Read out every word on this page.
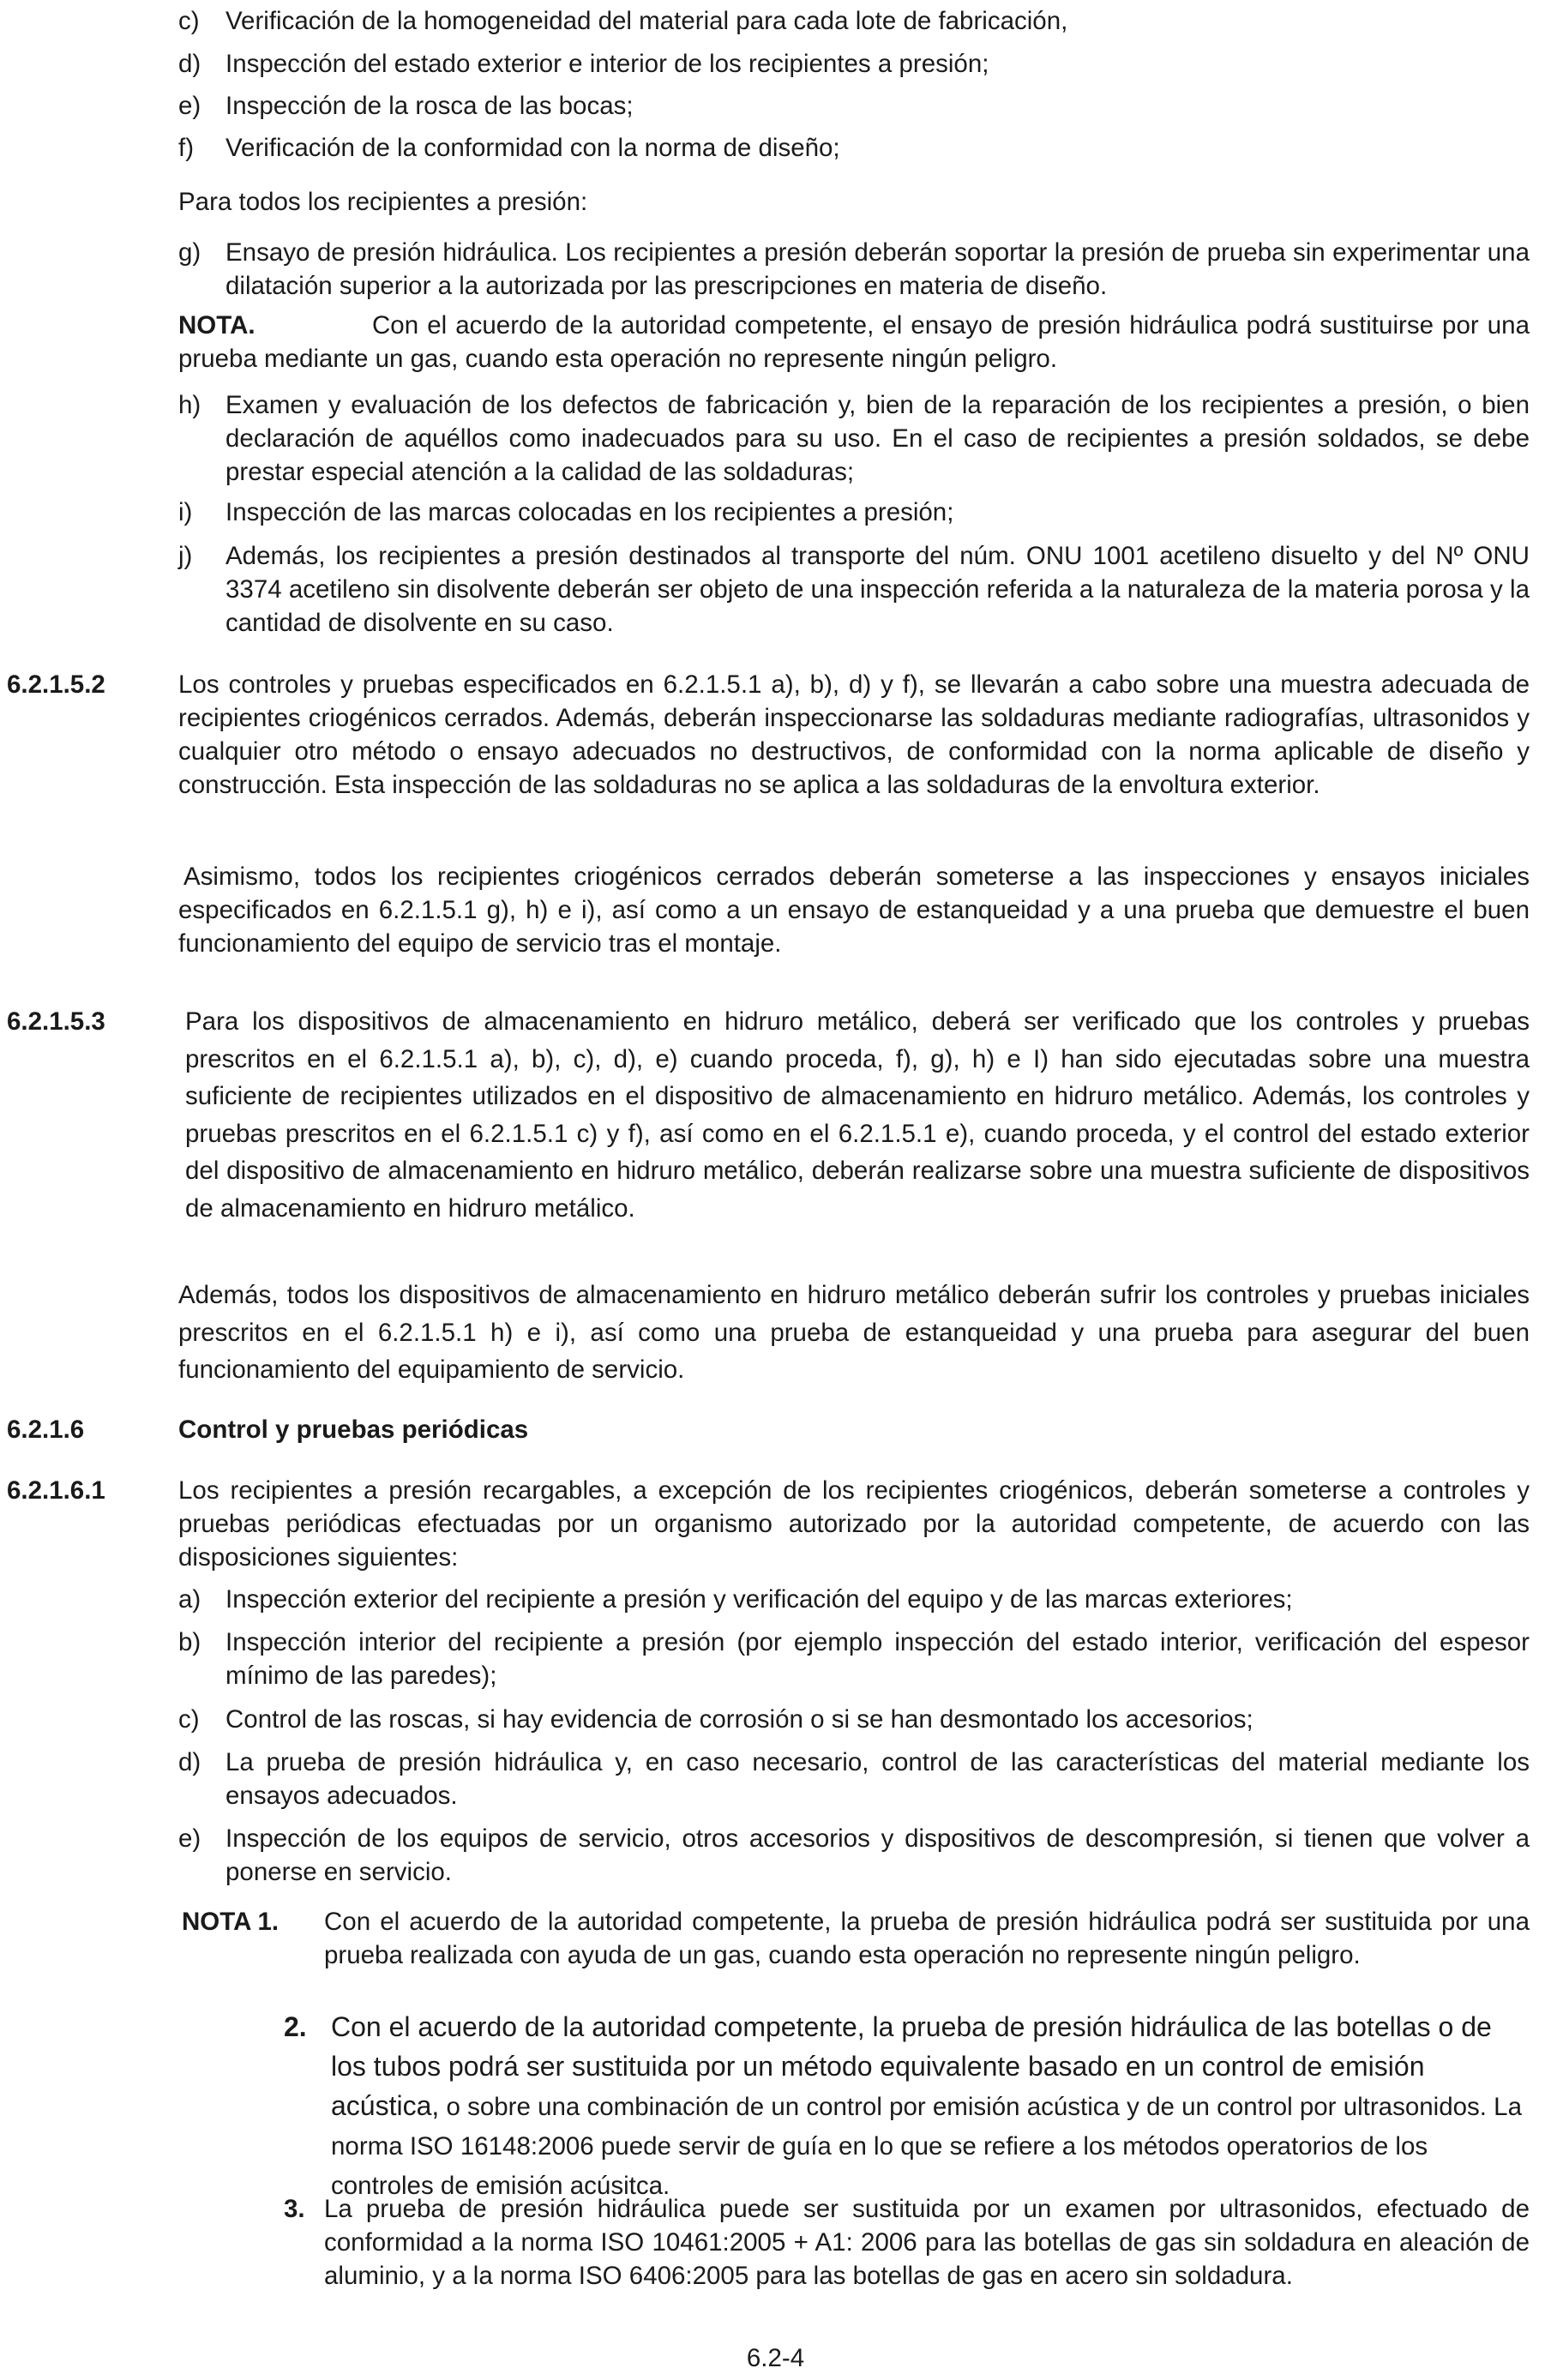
c) Verificación de la homogeneidad del material para cada lote de fabricación,
d) Inspección del estado exterior e interior de los recipientes a presión;
e) Inspección de la rosca de las bocas;
f) Verificación de la conformidad con la norma de diseño;
Para todos los recipientes a presión:
g) Ensayo de presión hidráulica. Los recipientes a presión deberán soportar la presión de prueba sin experimentar una dilatación superior a la autorizada por las prescripciones en materia de diseño.
Con el acuerdo de la autoridad competente, el ensayo de presión hidráulica podrá sustituirse por una prueba mediante un gas, cuando esta operación no represente ningún peligro.
NOTA.
h) Examen y evaluación de los defectos de fabricación y, bien de la reparación de los recipientes a presión, o bien declaración de aquéllos como inadecuados para su uso. En el caso de recipientes a presión soldados, se debe prestar especial atención a la calidad de las soldaduras;
i) Inspección de las marcas colocadas en los recipientes a presión;
j) Además, los recipientes a presión destinados al transporte del núm. ONU 1001 acetileno disuelto y del Nº ONU 3374 acetileno sin disolvente deberán ser objeto de una inspección referida a la naturaleza de la materia porosa y la cantidad de disolvente en su caso.
6.2.1.5.2	Los controles y pruebas especificados en 6.2.1.5.1 a), b), d) y f), se llevarán a cabo sobre una muestra adecuada de recipientes criogénicos cerrados. Además, deberán inspeccionarse las soldaduras mediante radiografías, ultrasonidos y cualquier otro método o ensayo adecuados no destructivos, de conformidad con la norma aplicable de diseño y construcción. Esta inspección de las soldaduras no se aplica a las soldaduras de la envoltura exterior.
Asimismo, todos los recipientes criogénicos cerrados deberán someterse a las inspecciones y ensayos iniciales especificados en 6.2.1.5.1 g), h) e i), así como a un ensayo de estanqueidad y a una prueba que demuestre el buen funcionamiento del equipo de servicio tras el montaje.
6.2.1.5.3	Para los dispositivos de almacenamiento en hidruro metálico, deberá ser verificado que los controles y pruebas prescritos en el 6.2.1.5.1 a), b), c), d), e) cuando proceda, f), g), h) e I) han sido ejecutadas sobre una muestra suficiente de recipientes utilizados en el dispositivo de almacenamiento en hidruro metálico. Además, los controles y pruebas prescritos en el 6.2.1.5.1 c) y f), así como en el 6.2.1.5.1 e), cuando proceda, y el control del estado exterior del dispositivo de almacenamiento en hidruro metálico, deberán realizarse sobre una muestra suficiente de dispositivos de almacenamiento en hidruro metálico.
Además, todos los dispositivos de almacenamiento en hidruro metálico deberán sufrir los controles y pruebas iniciales prescritos en el 6.2.1.5.1 h) e i), así como una prueba de estanqueidad y una prueba para asegurar del buen funcionamiento del equipamiento de servicio.
6.2.1.6	Control y pruebas periódicas
6.2.1.6.1	Los recipientes a presión recargables, a excepción de los recipientes criogénicos, deberán someterse a controles y pruebas periódicas efectuadas por un organismo autorizado por la autoridad competente, de acuerdo con las disposiciones siguientes:
a) Inspección exterior del recipiente a presión y verificación del equipo y de las marcas exteriores;
b) Inspección interior del recipiente a presión (por ejemplo inspección del estado interior, verificación del espesor mínimo de las paredes);
c) Control de las roscas, si hay evidencia de corrosión o si se han desmontado los accesorios;
d) La prueba de presión hidráulica y, en caso necesario, control de las características del material mediante los ensayos adecuados.
e) Inspección de los equipos de servicio, otros accesorios y dispositivos de descompresión, si tienen que volver a ponerse en servicio.
NOTA 1. Con el acuerdo de la autoridad competente, la prueba de presión hidráulica podrá ser sustituida por una prueba realizada con ayuda de un gas, cuando esta operación no represente ningún peligro.
2. Con el acuerdo de la autoridad competente, la prueba de presión hidráulica de las botellas o de los tubos podrá ser sustituida por un método equivalente basado en un control de emisión acústica, o sobre una combinación de un control por emisión acústica y de un control por ultrasonidos. La norma ISO 16148:2006 puede servir de guía en lo que se refiere a los métodos operatorios de los controles de emisión acúsitca.
3. La prueba de presión hidráulica puede ser sustituida por un examen por ultrasonidos, efectuado de conformidad a la norma ISO 10461:2005 + A1: 2006 para las botellas de gas sin soldadura en aleación de aluminio, y a la norma ISO 6406:2005 para las botellas de gas en acero sin soldadura.
6.2-4
